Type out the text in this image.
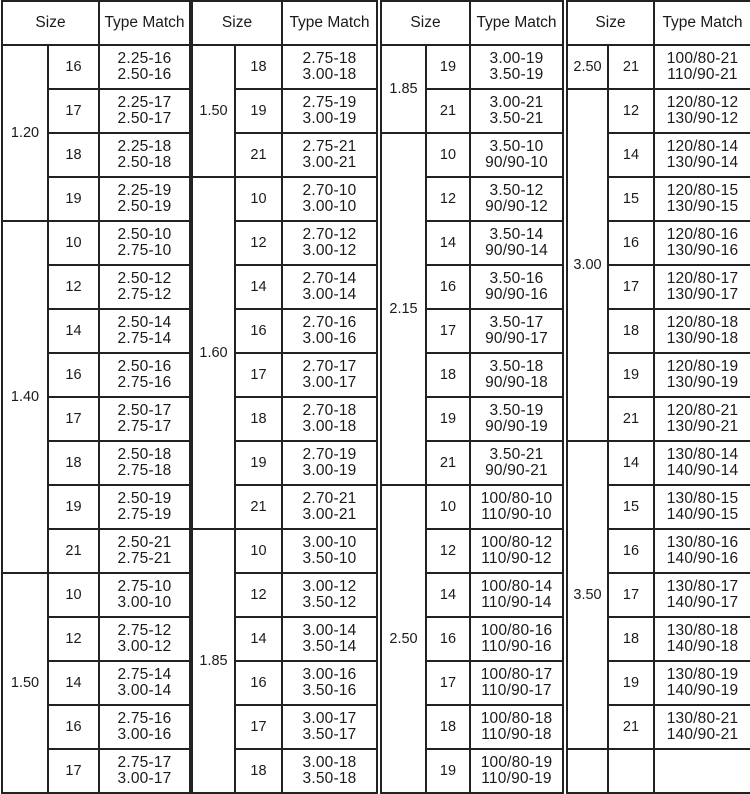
Size		Type Match
1.20	16	2.25-16
2.50-16

	17	2.25-17
2.50-17

	18	2.25-18
2.50-18

	19	2.25-19
2.50-19

1.40	10	2.50-10
2.75-10

	12	2.50-12
2.75-12

	14	2.50-14
2.75-14

	16	2.50-16
2.75-16

	17	2.50-17
2.75-17

	18	2.50-18
2.75-18

	19	2.50-19
2.75-19

	21	2.50-21
2.75-21

1.50	10	2.75-10
3.00-10

	12	2.75-12
3.00-12

	14	2.75-14
3.00-14

	16	2.75-16
3.00-16

	17	2.75-17
3.00-17
Size		Type Match
1.50	18	2.75-18
3.00-18

	19	2.75-19
3.00-19

	21	2.75-21
3.00-21

1.60	10	2.70-10
3.00-10

	12	2.70-12
3.00-12

	14	2.70-14
3.00-14

	16	2.70-16
3.00-16

	17	2.70-17
3.00-17

	18	2.70-18
3.00-18

	19	2.70-19
3.00-19

	21	2.70-21
3.00-21

1.85	10	3.00-10
3.50-10

	12	3.00-12
3.50-12

	14	3.00-14
3.50-14

	16	3.00-16
3.50-16

	17	3.00-17
3.50-17

	18	3.00-18
3.50-18
Size		Type Match
1.85	19	3.00-19
3.50-19

	21	3.00-21
3.50-21

2.15	10	3.50-10
90/90-10

	12	3.50-12
90/90-12

	14	3.50-14
90/90-14

	16	3.50-16
90/90-16

	17	3.50-17
90/90-17

	18	3.50-18
90/90-18

	19	3.50-19
90/90-19

	21	3.50-21
90/90-21

2.50	10	100/80-10
110/90-10

	12	100/80-12
110/90-12

	14	100/80-14
110/90-14

	16	100/80-16
110/90-16

	17	100/80-17
110/90-17

	18	100/80-18
110/90-18

	19	100/80-19
110/90-19
Size		Type Match
2.50	21	100/80-21
110/90-21

3.00	12	120/80-12
130/90-12

	14	120/80-14
130/90-14

	15	120/80-15
130/90-15

	16	120/80-16
130/90-16

	17	120/80-17
130/90-17

	18	120/80-18
130/90-18

	19	120/80-19
130/90-19

	21	120/80-21
130/90-21

3.50	14	130/80-14
140/90-14

	15	130/80-15
140/90-15

	16	130/80-16
140/90-16

	17	130/80-17
140/90-17

	18	130/80-18
140/90-18

	19	130/80-19
140/90-19

	21	130/80-21
140/90-21
